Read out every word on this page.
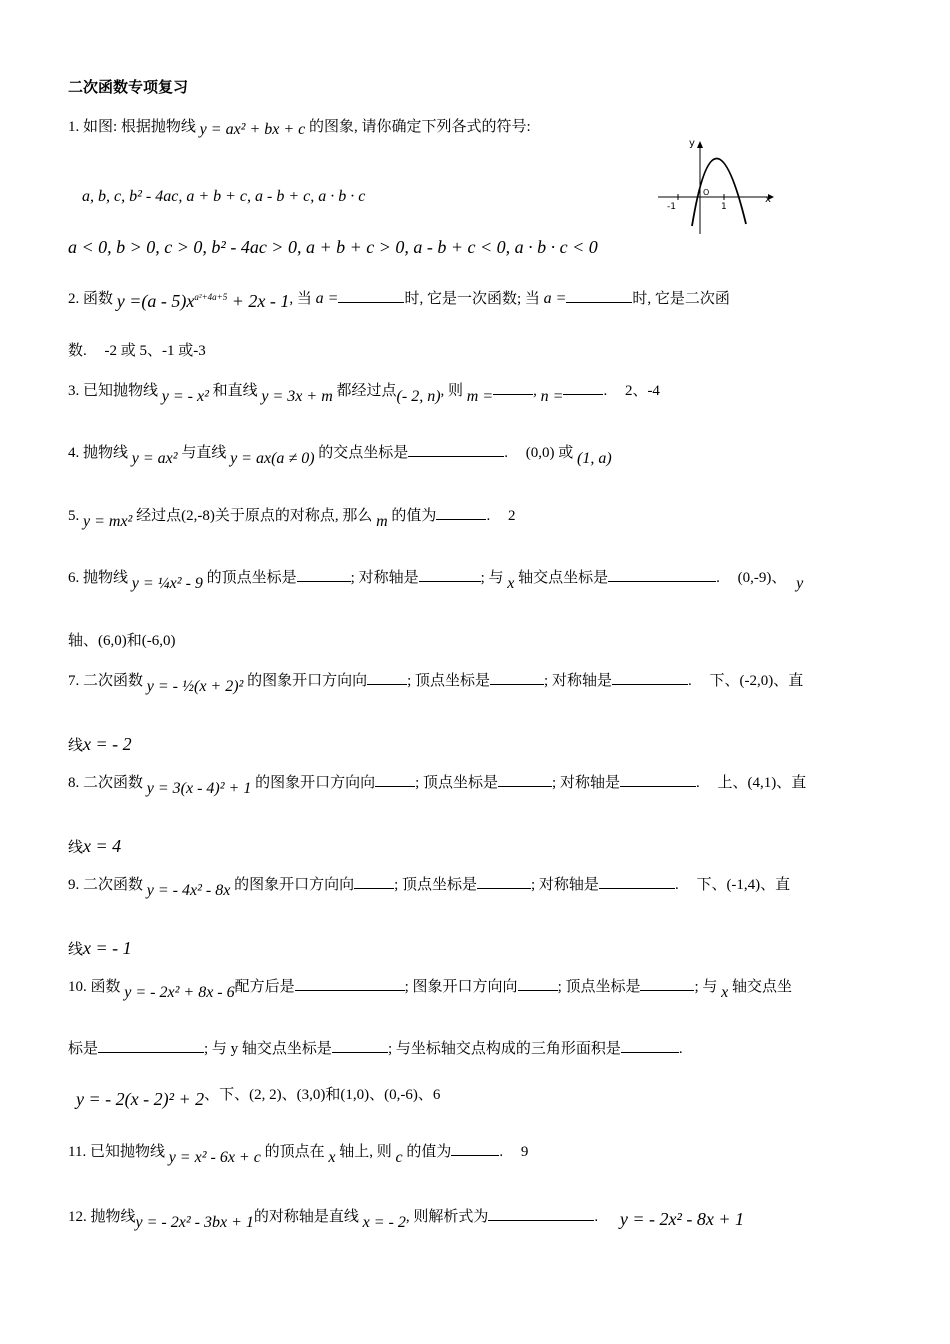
二次函数专项复习
1. 如图: 根据抛物线 y = ax² + bx + c 的图象, 请你确定下列各式的符号:
a, b, c, b² - 4ac, a + b + c, a - b + c, a · b · c
a < 0, b > 0, c > 0, b² - 4ac > 0, a + b + c > 0, a - b + c < 0, a · b · c < 0
y
x
O
-1	1
2. 函数 $y =(a - 5)x^{a^2+4a+5} + 2x - 1$, 当 a =	时, 它是一次函数; 当 a =	时, 它是二次函
数. -2 或 5、-1 或-3
3. 已知抛物线 y = - x² 和直线 y = 3x + m 都经过点(- 2, n), 则 m =	, n =	. 2、-4
4. 抛物线 y = ax² 与直线 y = ax(a ≠ 0) 的交点坐标是	. (0,0) 或 (1, a)
5. y = mx² 经过点(2,-8)关于原点的对称点, 那么 m 的值为	. 2
6. 抛物线 y = ¼x² - 9 的顶点坐标是	; 对称轴是	; 与 x 轴交点坐标是	. (0,-9)、 y
轴、(6,0)和(-6,0)
7. 二次函数 y = - ½(x + 2)² 的图象开口方向向	; 顶点坐标是	; 对称轴是	. 下、(-2,0)、直
线x = - 2
8. 二次函数 y = 3(x - 4)² + 1 的图象开口方向向	; 顶点坐标是	; 对称轴是	. 上、(4,1)、直
线x = 4
9. 二次函数 y = - 4x² - 8x 的图象开口方向向	; 顶点坐标是	; 对称轴是	. 下、(-1,4)、直
线x = - 1
10. 函数 y = - 2x² + 8x - 6配方后是	; 图象开口方向向	; 顶点坐标是	; 与 x 轴交点坐
标是	; 与 y 轴交点坐标是	; 与坐标轴交点构成的三角形面积是	.
y = - 2(x - 2)² + 2、下、(2, 2)、(3,0)和(1,0)、(0,-6)、6
11. 已知抛物线 y = x² - 6x + c 的顶点在 x 轴上, 则 c 的值为	. 9
12. 抛物线y = - 2x² - 3bx + 1的对称轴是直线 x = - 2, 则解析式为	. y = - 2x² - 8x + 1
